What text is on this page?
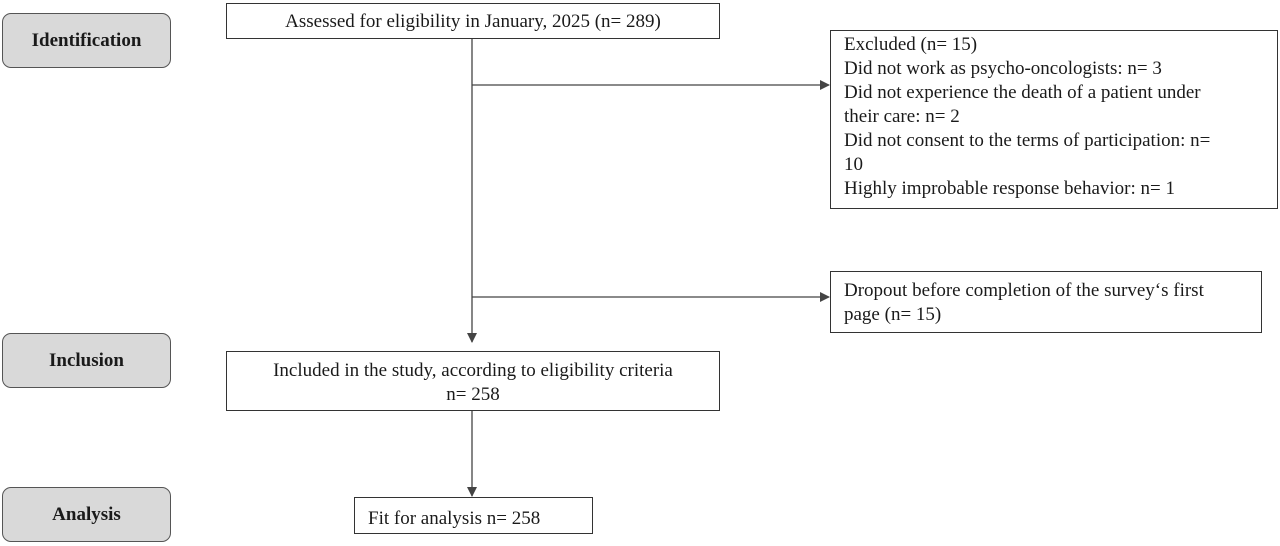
Identification
Inclusion
Analysis
Assessed for eligibility in January, 2025 (n= 289)
Excluded (n= 15)
Did not work as psycho-oncologists: n= 3
Did not experience the death of a patient under
their care: n= 2
Did not consent to the terms of participation: n=
10
Highly improbable response behavior: n= 1
Dropout before completion of the survey‘s first
page (n= 15)
Included in the study, according to eligibility criteria
n= 258
Fit for analysis n= 258
